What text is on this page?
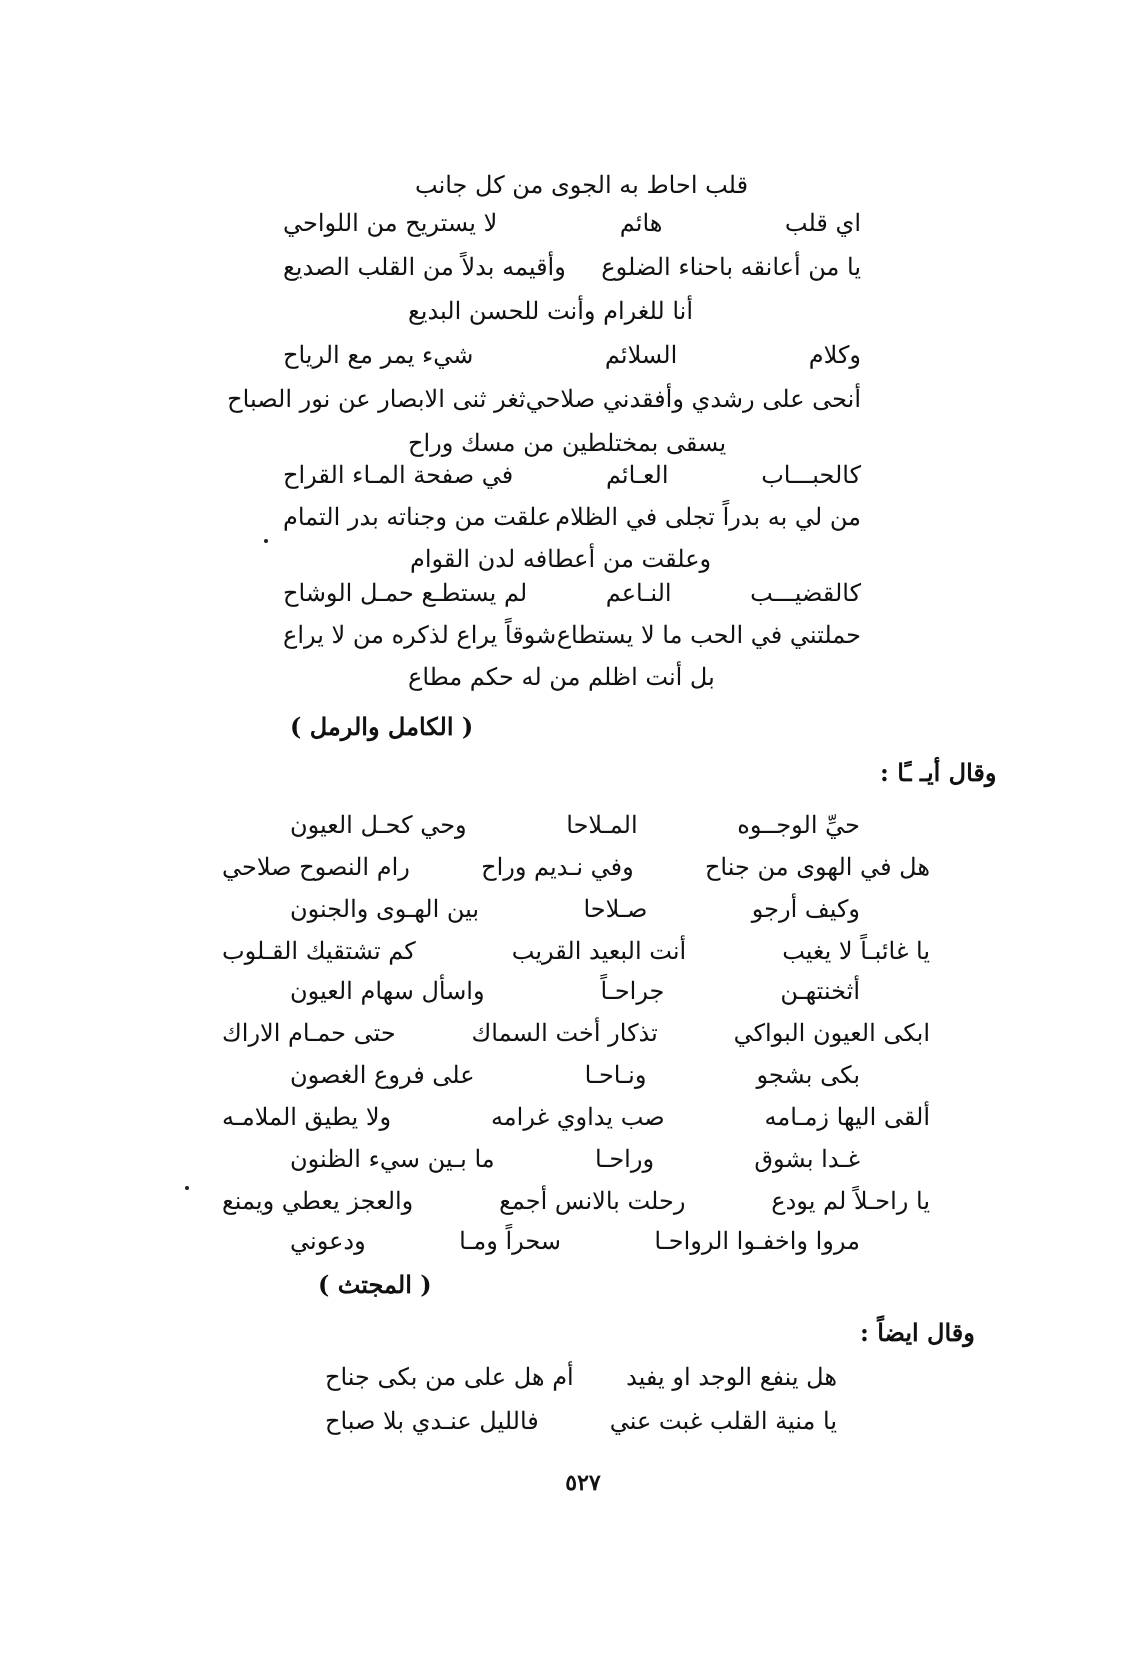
قلب احاط به الجوى من كل جانب
اي قلب
هائم
لا يستريح من اللواحي
يا من أعانقه باحناء الضلوع
وأقيمه بدلاً من القلب الصديع
أنا للغرام وأنت للحسن البديع
وكلام
السلائم
شيء يمر مع الرياح
أنحى على رشدي وأفقدني صلاحي
ثغر ثنى الابصار عن نور الصباح
يسقى بمختلطين من مسك وراح
كالحبـــاب
العـائم
في صفحة المـاء القراح
من لي به بدراً تجلى في الظلام
علقت من وجناته بدر التمام
وعلقت من أعطافه لدن القوام
كالقضيـــب
النـاعم
لم يستطـع حمـل الوشاح
حملتني في الحب ما لا يستطاع
شوقاً يراع لذكره من لا يراع
بل أنت اظلم من له حكم مطاع
( الكامل والرمل )
وقال أيـ ـًا :
حيِّ الوجــوه
المـلاحا
وحي كحـل العيون
هل في الهوى من جناح
وفي نـديم وراح
رام النصوح صلاحي
وكيف أرجو
صـلاحا
بين الهـوى والجنون
يا غائبـاً لا يغيب
أنت البعيد القريب
كم تشتقيك القـلوب
أثخنتهـن
جراحـاً
واسأل سهام العيون
ابكى العيون البواكي
تذكار أخت السماك
حتى حمـام الاراك
بكى بشجو
ونـاحـا
على فروع الغصون
ألقى اليها زمـامه
صب يداوي غرامه
ولا يطيق الملامـه
غـدا بشوق
وراحـا
ما بـين سيء الظنون
يا راحـلاً لم يودع
رحلت بالانس أجمع
والعجز يعطي ويمنع
مروا واخفـوا الرواحـا
سحراً ومـا
ودعوني
( المجتث )
وقال ايضاً :
هل ينفع الوجد او يفيد
أم هل على من بكى جناح
يا منية القلب غبت عني
فالليل عنـدي بلا صباح
٥٢٧
